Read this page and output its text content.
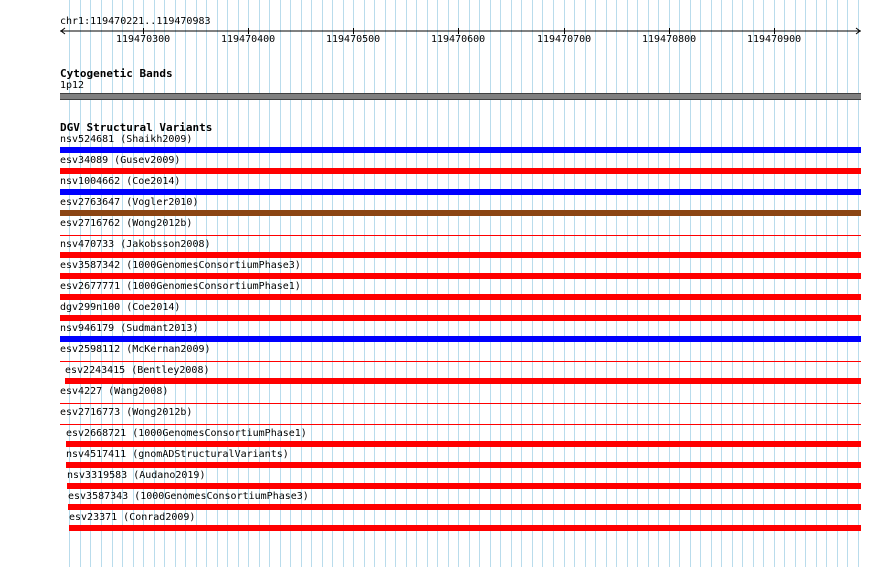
chr1:119470221..119470983
119470300	119470400	119470500	119470600	119470700	119470800	119470900
Cytogenetic Bands
1p12
DGV Structural Variants
nsv524681 (Shaikh2009)
esv34089 (Gusev2009)
nsv1004662 (Coe2014)
esv2763647 (Vogler2010)
esv2716762 (Wong2012b)
nsv470733 (Jakobsson2008)
esv3587342 (1000GenomesConsortiumPhase3)
esv2677771 (1000GenomesConsortiumPhase1)
dgv299n100 (Coe2014)
nsv946179 (Sudmant2013)
esv2598112 (McKernan2009)
esv2243415 (Bentley2008)
esv4227 (Wang2008)
esv2716773 (Wong2012b)
esv2668721 (1000GenomesConsortiumPhase1)
nsv4517411 (gnomADStructuralVariants)
nsv3319583 (Audano2019)
esv3587343 (1000GenomesConsortiumPhase3)
esv23371 (Conrad2009)
